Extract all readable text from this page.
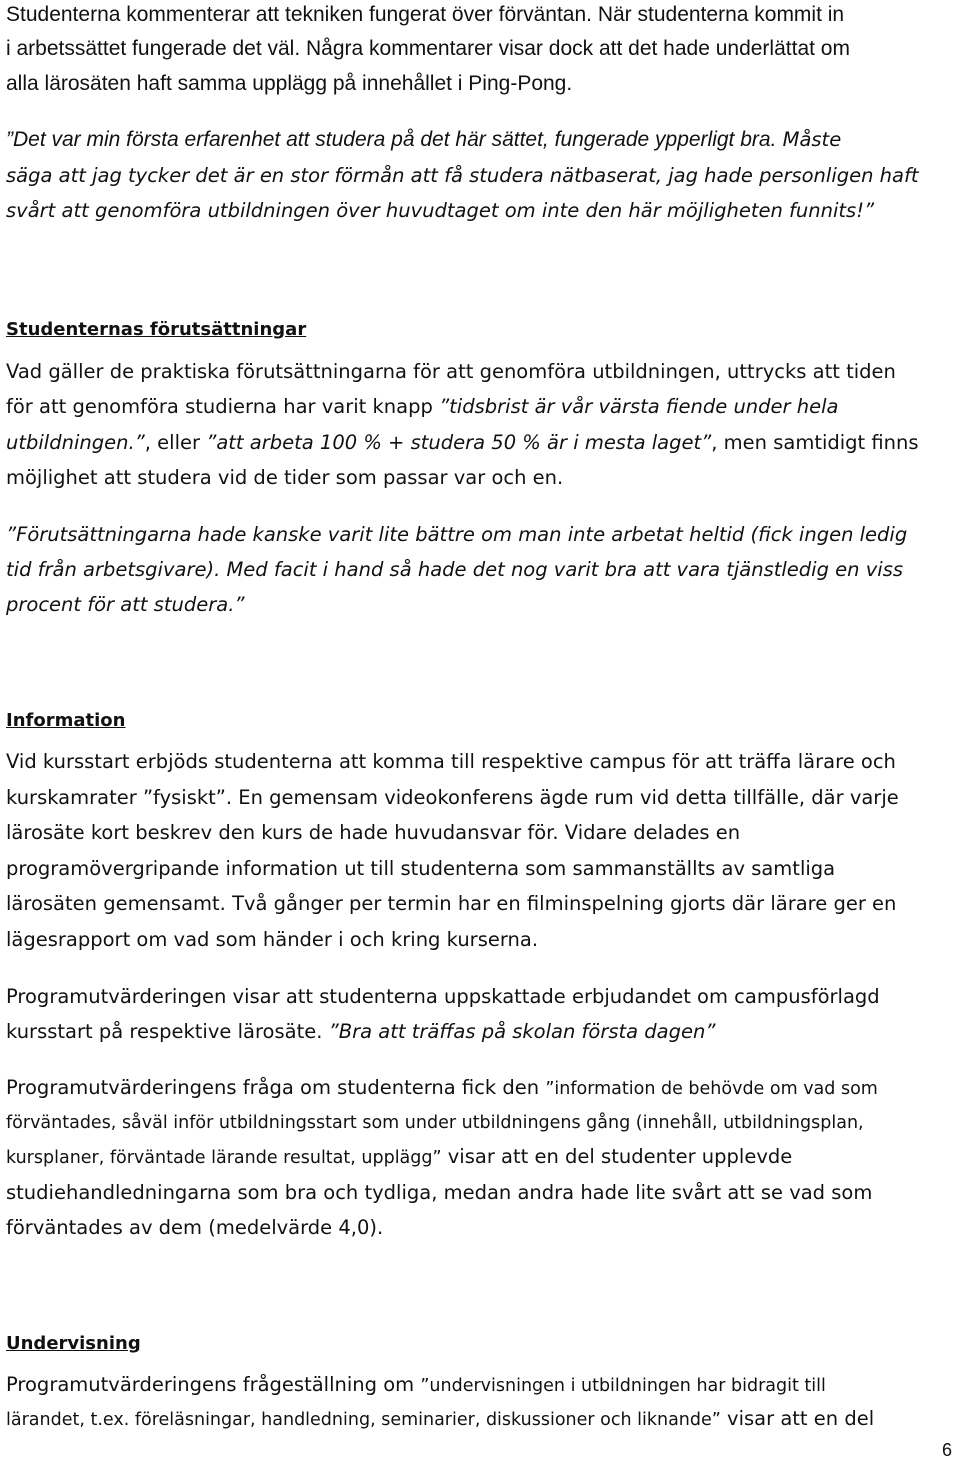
Studenterna kommenterar att tekniken fungerat över förväntan. När studenterna kommit in
i arbetssättet fungerade det väl. Några kommentarer visar dock att det hade underlättat om
alla lärosäten haft samma upplägg på innehållet i Ping-Pong.
”Det var min första erfarenhet att studera på det här sättet, fungerade ypperligt bra. Måste
säga att jag tycker det är en stor förmån att få studera nätbaserat, jag hade personligen haft
svårt att genomföra utbildningen över huvudtaget om inte den här möjligheten funnits!”
Studenternas förutsättningar
Vad gäller de praktiska förutsättningarna för att genomföra utbildningen, uttrycks att tiden
för att genomföra studierna har varit knapp ”tidsbrist är vår värsta fiende under hela
utbildningen.”, eller ”att arbeta 100 % + studera 50 % är i mesta laget”, men samtidigt finns
möjlighet att studera vid de tider som passar var och en.
”Förutsättningarna hade kanske varit lite bättre om man inte arbetat heltid (fick ingen ledig
tid från arbetsgivare). Med facit i hand så hade det nog varit bra att vara tjänstledig en viss
procent för att studera.”
Information
Vid kursstart erbjöds studenterna att komma till respektive campus för att träffa lärare och
kurskamrater ”fysiskt”. En gemensam videokonferens ägde rum vid detta tillfälle, där varje
lärosäte kort beskrev den kurs de hade huvudansvar för. Vidare delades en
programövergripande information ut till studenterna som sammanställts av samtliga
lärosäten gemensamt. Två gånger per termin har en filminspelning gjorts där lärare ger en
lägesrapport om vad som händer i och kring kurserna.
Programutvärderingen visar att studenterna uppskattade erbjudandet om campusförlagd
kursstart på respektive lärosäte. ”Bra att träffas på skolan första dagen”
Programutvärderingens fråga om studenterna fick den ”information de behövde om vad som
förväntades, såväl inför utbildningsstart som under utbildningens gång (innehåll, utbildningsplan,
kursplaner, förväntade lärande resultat, upplägg” visar att en del studenter upplevde
studiehandledningarna som bra och tydliga, medan andra hade lite svårt att se vad som
förväntades av dem (medelvärde 4,0).
Undervisning
Programutvärderingens frågeställning om ”undervisningen i utbildningen har bidragit till
lärandet, t.ex. föreläsningar, handledning, seminarier, diskussioner och liknande” visar att en del
6
